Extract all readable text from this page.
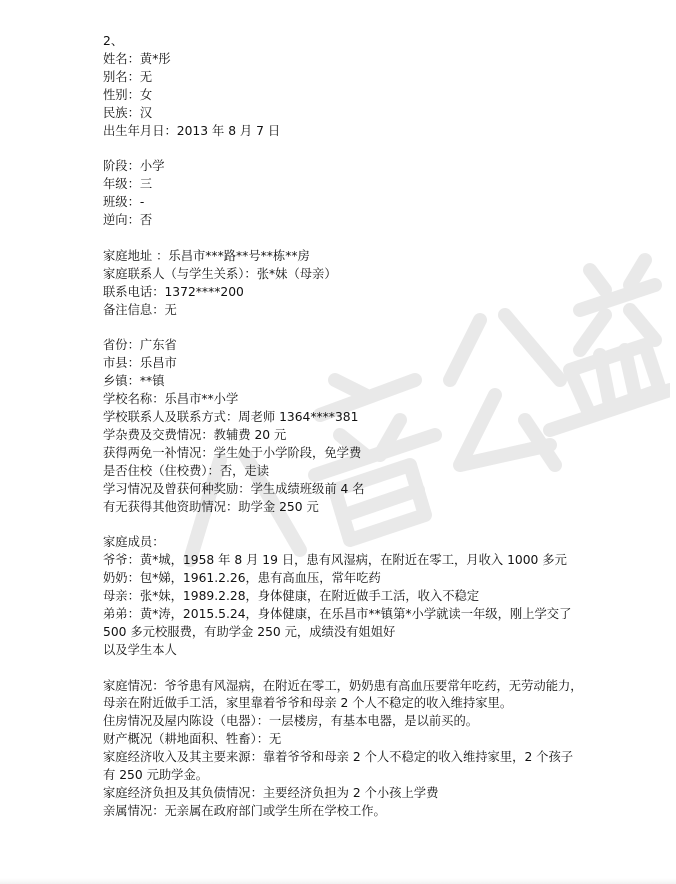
2、

姓名：黄*彤

别名：无

性别：女

民族：汉

出生年月日：2013 年 8 月 7 日

阶段：小学

年级：三

班级：-

逆向：否

家庭地址 ：乐昌市***路**号**栋**房

家庭联系人（与学生关系）：张*妹（母亲）

联系电话：1372****200

备注信息：无

省份：广东省

市县：乐昌市

乡镇：**镇

学校名称：乐昌市**小学

学校联系人及联系方式：周老师 1364****381

学杂费及交费情况：教辅费 20 元

获得两免一补情况：学生处于小学阶段，免学费

是否住校（住校费）：否，走读

学习情况及曾获何种奖励：学生成绩班级前 4 名

有无获得其他资助情况：助学金 250 元

家庭成员：

爷爷：黄*城，1958 年 8 月 19 日，患有风湿病，在附近在零工，月收入 1000 多元

奶奶：包*娣，1961.2.26，患有高血压，常年吃药

母亲：张*妹，1989.2.28，身体健康，在附近做手工活，收入不稳定

弟弟：黄*涛，2015.5.24，身体健康，在乐昌市**镇第*小学就读一年级，刚上学交了 500 多元校服费，有助学金 250 元，成绩没有姐姐好

以及学生本人

家庭情况：爷爷患有风湿病，在附近在零工，奶奶患有高血压要常年吃药，无劳动能力，母亲在附近做手工活，家里靠着爷爷和母亲 2 个人不稳定的收入维持家里。

住房情况及屋内陈设（电器）：一层楼房，有基本电器，是以前买的。

财产概况（耕地面积、牲畜）：无

家庭经济收入及其主要来源：靠着爷爷和母亲 2 个人不稳定的收入维持家里，2 个孩子有 250 元助学金。

家庭经济负担及其负债情况：主要经济负担为 2 个小孩上学费

亲属情况：无亲属在政府部门或学生所在学校工作。
